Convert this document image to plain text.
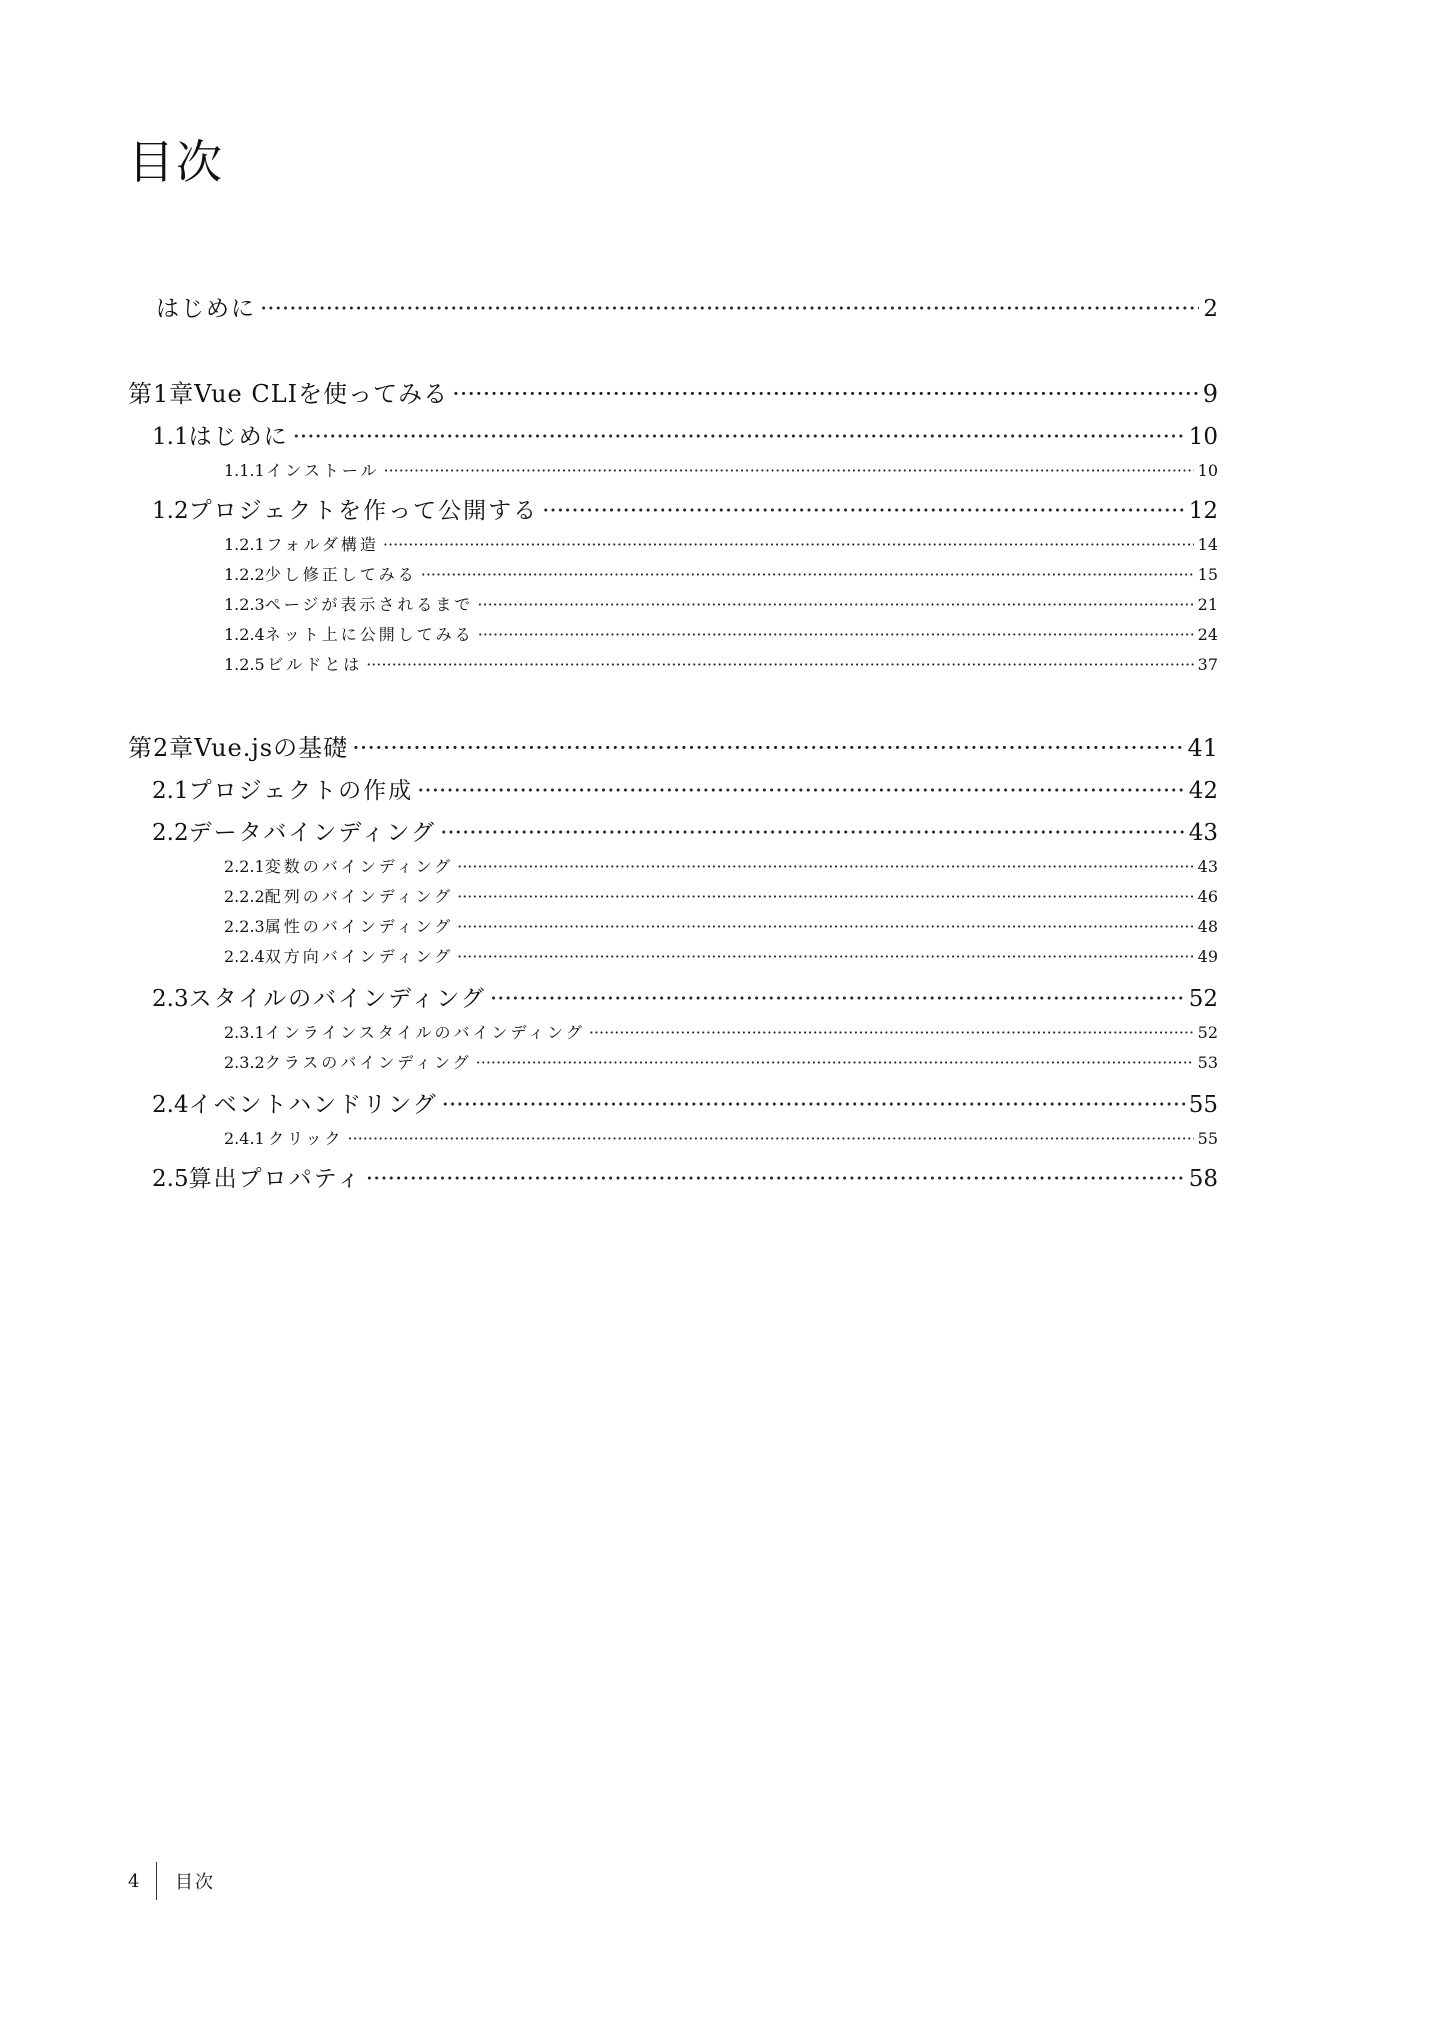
目次
はじめに ·····	2
第1章 Vue CLIを使ってみる ·····	9
1.1 はじめに ·····	10
1.1.1 インストール ·····	10
1.2 プロジェクトを作って公開する ·····	12
1.2.1 フォルダ構造 ·····	14
1.2.2 少し修正してみる ·····	15
1.2.3 ページが表示されるまで ·····	21
1.2.4 ネット上に公開してみる ·····	24
1.2.5 ビルドとは ·····	37
第2章 Vue.jsの基礎 ·····	41
2.1 プロジェクトの作成 ·····	42
2.2 データバインディング ·····	43
2.2.1 変数のバインディング ·····	43
2.2.2 配列のバインディング ·····	46
2.2.3 属性のバインディング ·····	48
2.2.4 双方向バインディング ·····	49
2.3 スタイルのバインディング ·····	52
2.3.1 インラインスタイルのバインディング ·····	52
2.3.2 クラスのバインディング ·····	53
2.4 イベントハンドリング ·····	55
2.4.1 クリック ·····	55
2.5 算出プロパティ ·····	58
4	目次
